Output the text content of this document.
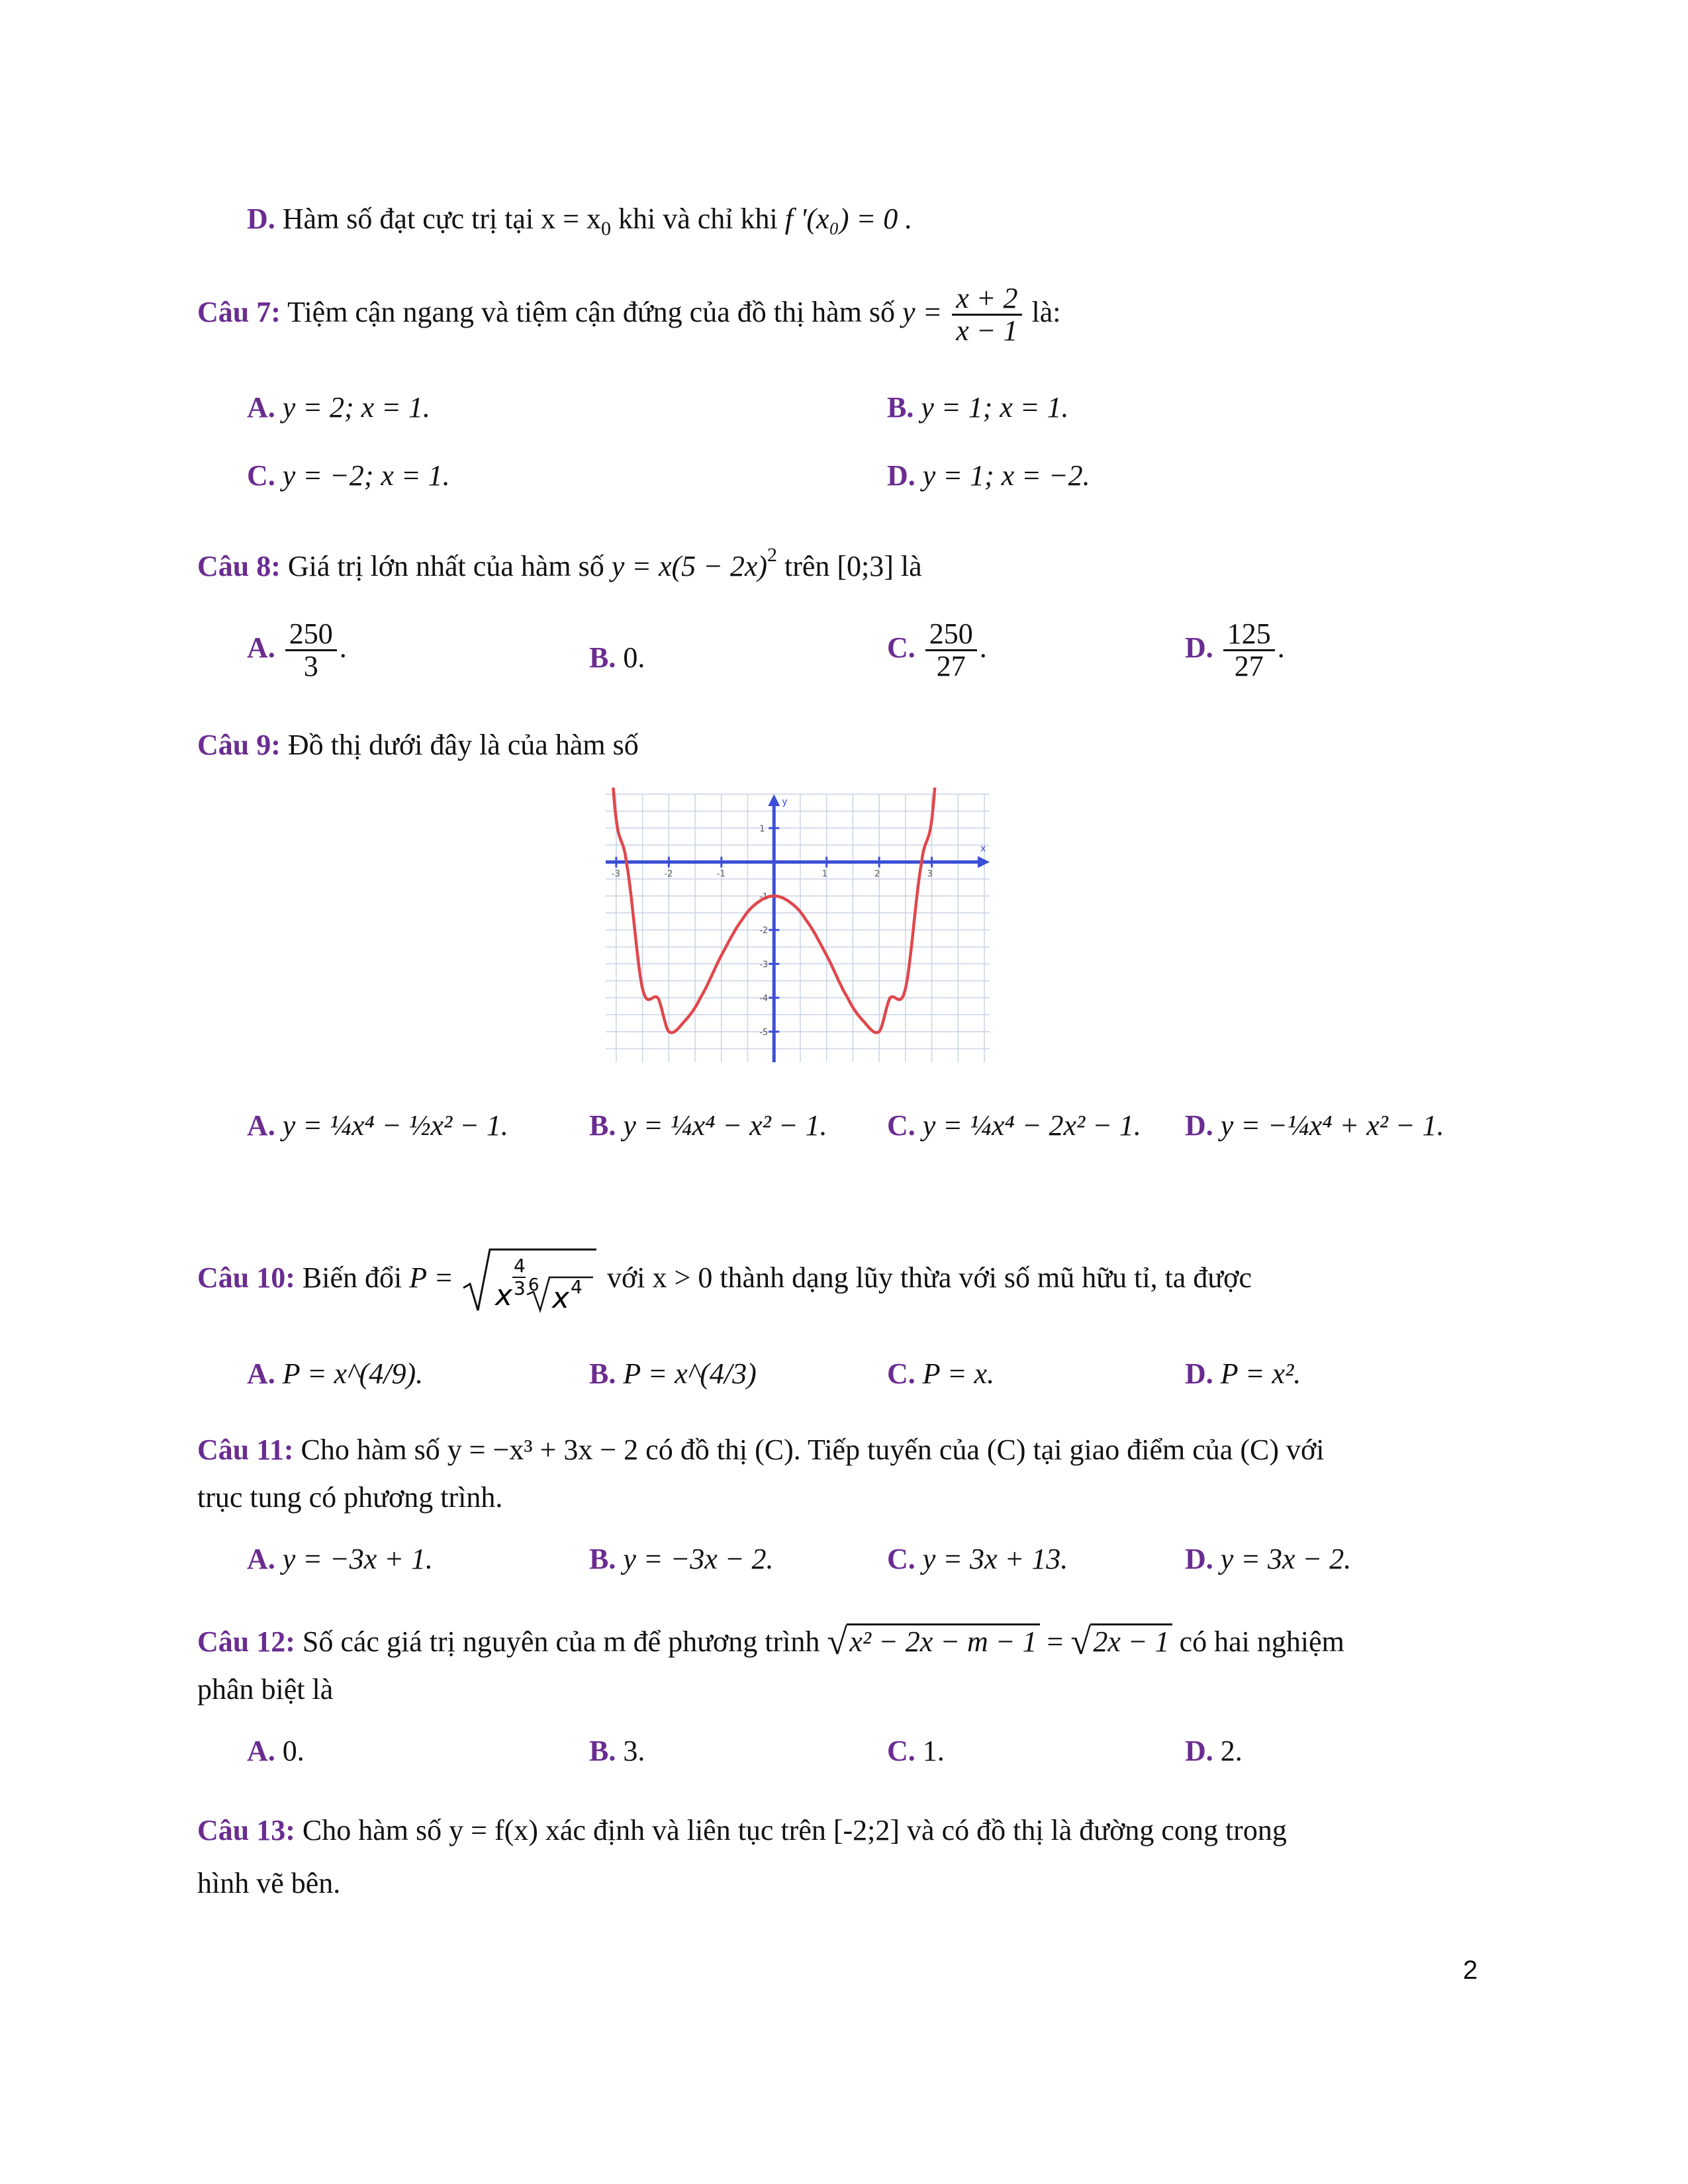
D. Hàm số đạt cực trị tại $x = x_0$ khi và chỉ khi f '(x₀) = 0 .
Câu 7: Tiệm cận ngang và tiệm cận đứng của đồ thị hàm số $y = \frac{x + 2}{x - 1}$ là:
A. y = 2; x = 1.	B. y = 1; x = 1.
C. y = −2; x = 1.	D. y = 1; x = −2.
Câu 8: Giá trị lớn nhất của hàm số $y = x(5 - 2x)^2$ trên [0;3] là
A. $\frac{250}{3}$ .	B. 0.	C. $\frac{250}{27}$ .	D. $\frac{125}{27}$ .
Câu 9: Đồ thị dưới đây là của hàm số
x
y
-3	-2	-1	1	2	3
1
-1
-2
-3
-4
-5
A. y = ¼x⁴ − ½x² − 1.	B. y = ¼x⁴ − x² − 1. C. y = ¼x⁴ − 2x² − 1. D. y = −¼x⁴ + x² − 1.
Câu 10: Biến đổi P =
x
4
3 6 x 4 với x > 0 thành dạng lũy thừa với số mũ hữu tỉ, ta được
A. P = x^(4/9).	B. P = x^(4/3)	C. P = x.	D. P = x².
Câu 11: Cho hàm số y = −x³ + 3x − 2 có đồ thị (C). Tiếp tuyến của (C) tại giao điểm của (C) với
trục tung có phương trình.
A. y = −3x + 1.	B. y = −3x − 2.	C. y = 3x + 13.	D. y = 3x − 2.
Câu 12: Số các giá trị nguyên của m để phương trình √ x² − 2x − m − 1 = √ 2x − 1 có hai nghiệm
phân biệt là
A. 0.	B. 3.	C. 1.	D. 2.
Câu 13: Cho hàm số y = f(x) xác định và liên tục trên [-2;2] và có đồ thị là đường cong trong
hình vẽ bên.
2
